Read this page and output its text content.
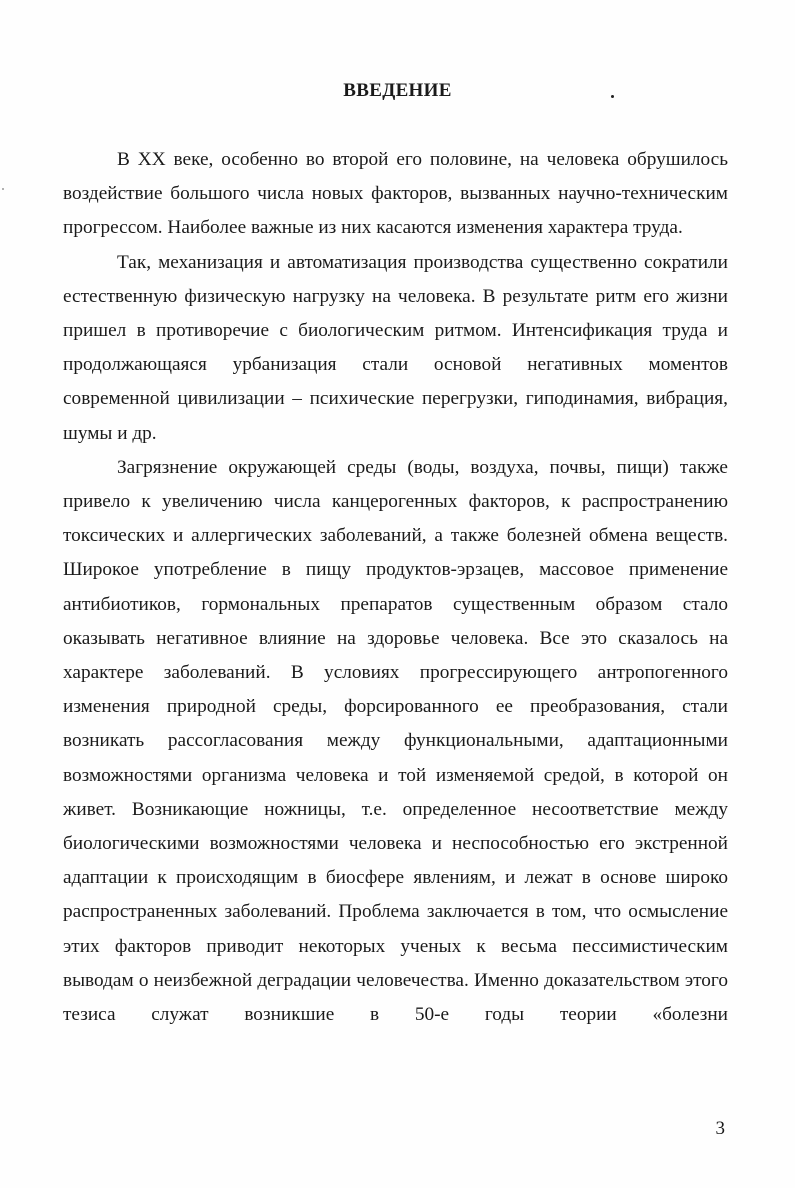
ВВЕДЕНИЕ

В XX веке, особенно во второй его половине, на человека обрушилось воздействие большого числа новых факторов, вызванных научно-техническим прогрессом. Наиболее важные из них касаются изменения характера труда.

Так, механизация и автоматизация производства существенно сократили естественную физическую нагрузку на человека. В результате ритм его жизни пришел в противоречие с биологическим ритмом. Интенсификация труда и продолжающаяся урбанизация стали основой негативных моментов современной цивилизации – психические перегрузки, гиподинамия, вибрация, шумы и др.

Загрязнение окружающей среды (воды, воздуха, почвы, пищи) также привело к увеличению числа канцерогенных факторов, к распространению токсических и аллергических заболеваний, а также болезней обмена веществ. Широкое употребление в пищу продуктов-эрзацев, массовое применение антибиотиков, гормональных препаратов существенным образом стало оказывать негативное влияние на здоровье человека. Все это сказалось на характере заболеваний. В условиях прогрессирующего антропогенного изменения природной среды, форсированного ее преобразования, стали возникать рассогласования между функциональными, адаптационными возможностями организма человека и той изменяемой средой, в которой он живет. Возникающие ножницы, т.е. определенное несоответствие между биологическими возможностями человека и неспособностью его экстренной адаптации к происходящим в биосфере явлениям, и лежат в основе широко распространенных заболеваний. Проблема заключается в том, что осмысление этих факторов приводит некоторых ученых к весьма пессимистическим выводам о неизбежной деградации человечества. Именно доказательством этого тезиса служат возникшие в 50-е годы теории «болезни

3
